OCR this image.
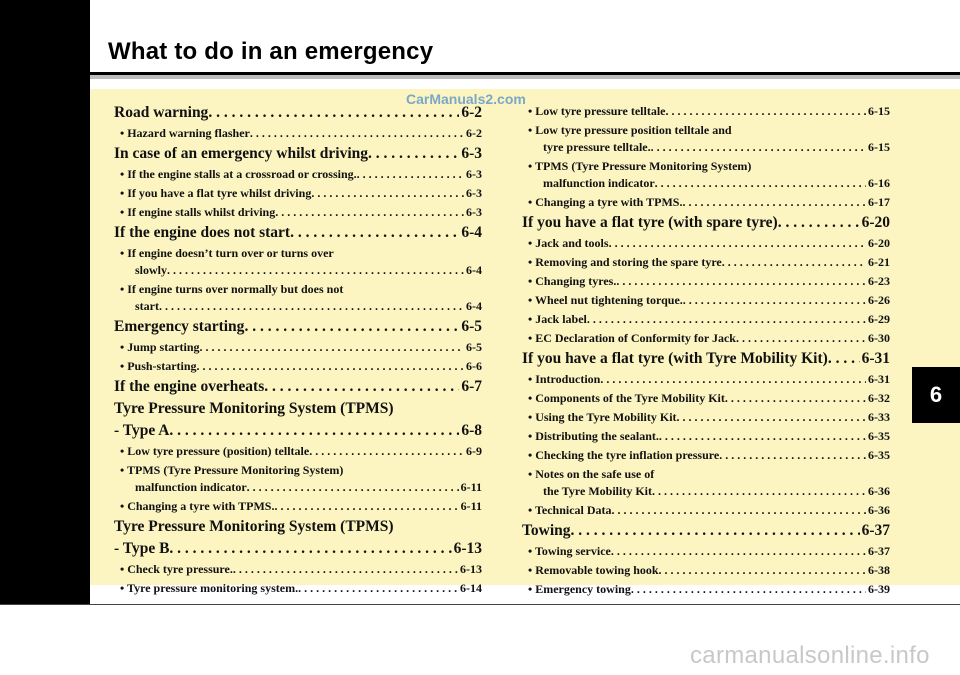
What to do in an emergency
CarManuals2.com
Road warning . . .	6-2
• Hazard warning flasher . . .	6-2
In case of an emergency whilst driving . . .	6-3
• If the engine stalls at a crossroad or crossing. . . .	6-3
• If you have a flat tyre whilst driving . . .	6-3
• If engine stalls whilst driving . . .	6-3
If the engine does not start . . .	6-4
• If engine doesn’t turn over or turns over
slowly . . .	6-4
• If engine turns over normally but does not
start . . .	6-4
Emergency starting . . .	6-5
• Jump starting . . .	6-5
• Push-starting . . .	6-6
If the engine overheats . . .	6-7
Tyre Pressure Monitoring System (TPMS)
- Type A . . .	6-8
• Low tyre pressure (position) telltale . . .	6-9
• TPMS (Tyre Pressure Monitoring System)
malfunction indicator . . .	6-11
• Changing a tyre with TPMS. . . .	6-11
Tyre Pressure Monitoring System (TPMS)
- Type B . . .	6-13
• Check tyre pressure. . . .	6-13
• Tyre pressure monitoring system. . . .	6-14
• Low tyre pressure telltale . . .	6-15
• Low tyre pressure position telltale and
tyre pressure telltale. . . .	6-15
• TPMS (Tyre Pressure Monitoring System)
malfunction indicator . . .	6-16
• Changing a tyre with TPMS. . . .	6-17
If you have a flat tyre (with spare tyre) . . .	6-20
• Jack and tools . . .	6-20
• Removing and storing the spare tyre . . .	6-21
• Changing tyres. . . .	6-23
• Wheel nut tightening torque. . . .	6-26
• Jack label . . .	6-29
• EC Declaration of Conformity for Jack . . .	6-30
If you have a flat tyre (with Tyre Mobility Kit) . . . 6-31
• Introduction . . .	6-31
• Components of the Tyre Mobility Kit . . .	6-32
• Using the Tyre Mobility Kit . . .	6-33
• Distributing the sealant. . . .	6-35
• Checking the tyre inflation pressure . . .	6-35
• Notes on the safe use of
the Tyre Mobility Kit . . .	6-36
• Technical Data . . .	6-36
Towing . . .	6-37
• Towing service . . .	6-37
• Removable towing hook . . .	6-38
• Emergency towing . . .	6-39
6
carmanualsonline.info
